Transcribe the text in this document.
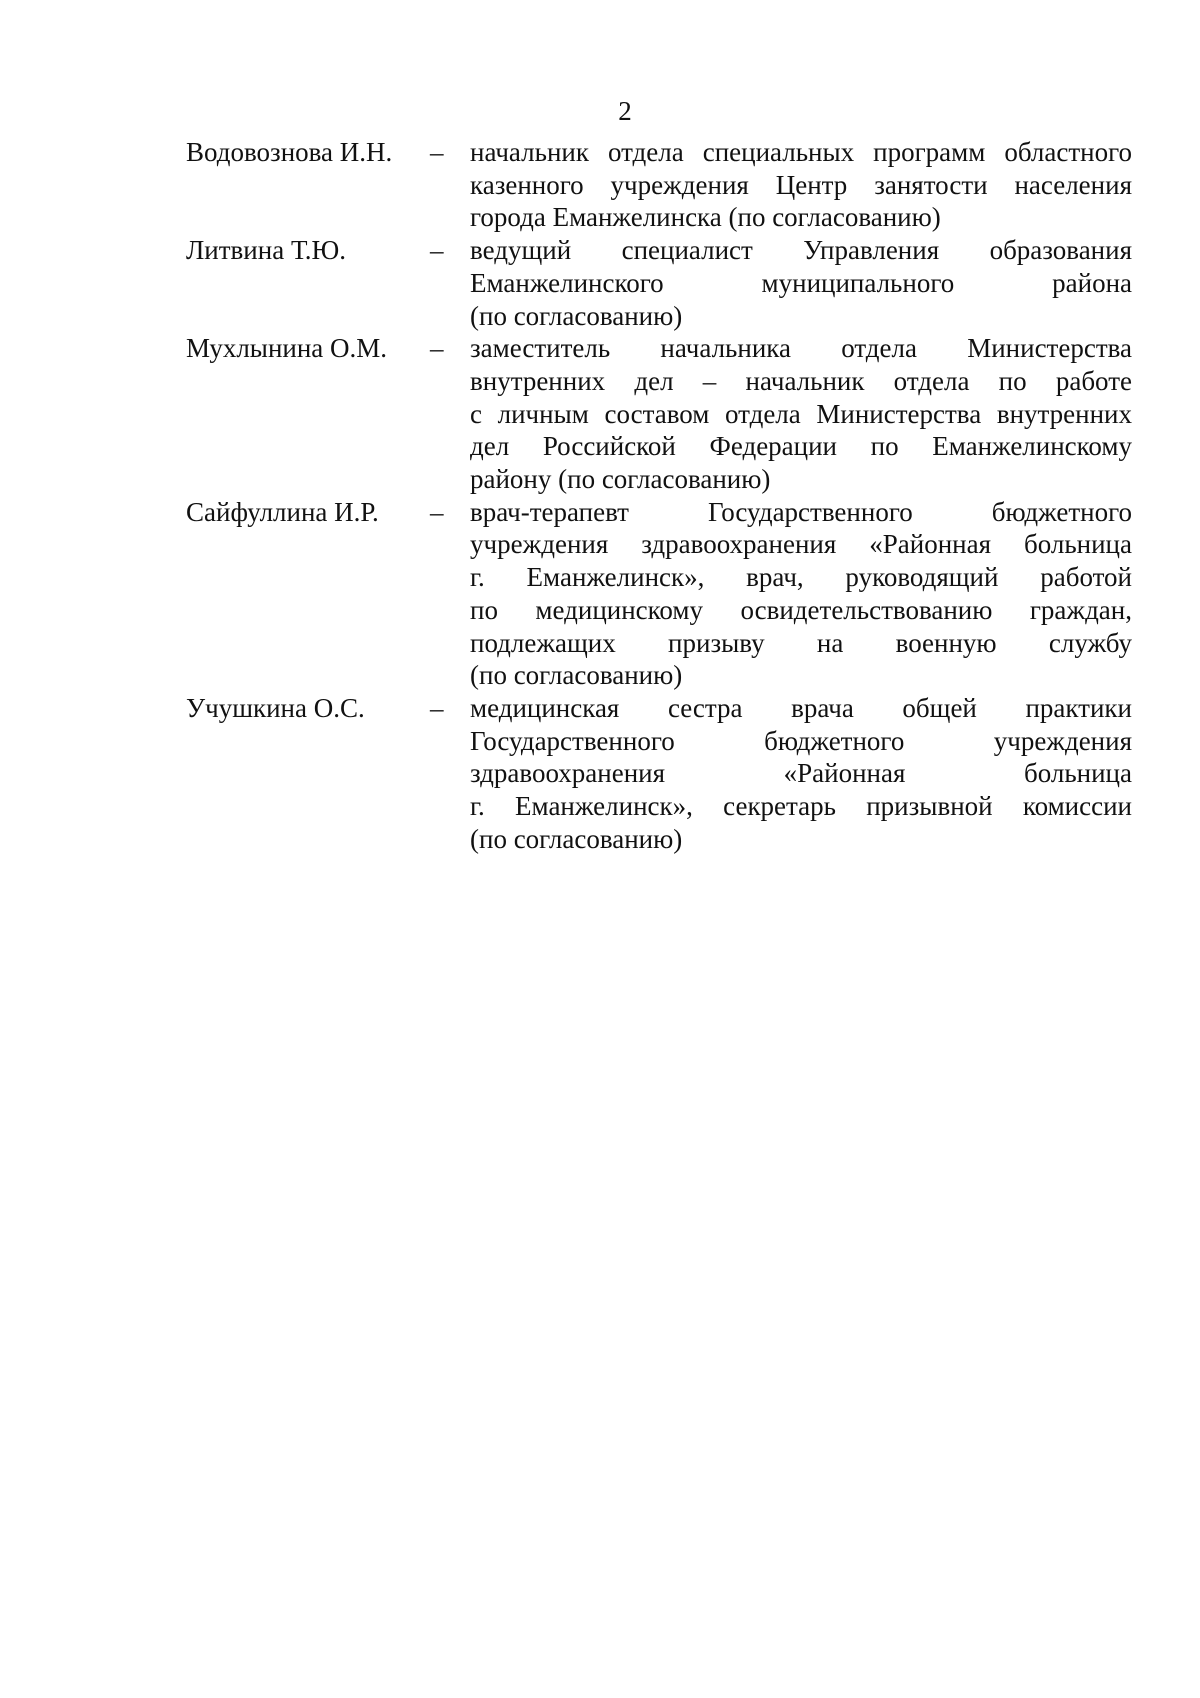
2
Водовознова И.Н.	– начальник отдела специальных программ областного
казенного учреждения Центр занятости населения
города Еманжелинска (по согласованию)
Литвина Т.Ю.	– ведущий специалист Управления образования
Еманжелинского муниципального района
(по согласованию)
Мухлынина О.М.	– заместитель начальника отдела Министерства
внутренних дел – начальник отдела по работе
с личным составом отдела Министерства внутренних
дел Российской Федерации по Еманжелинскому
району (по согласованию)
Сайфуллина И.Р.	– врач-терапевт Государственного бюджетного
учреждения здравоохранения «Районная больница
г. Еманжелинск», врач, руководящий работой
по медицинскому освидетельствованию граждан,
подлежащих призыву на военную службу
(по согласованию)
Учушкина О.С.	– медицинская сестра врача общей практики
Государственного бюджетного учреждения
здравоохранения «Районная больница
г. Еманжелинск», секретарь призывной комиссии
(по согласованию)
